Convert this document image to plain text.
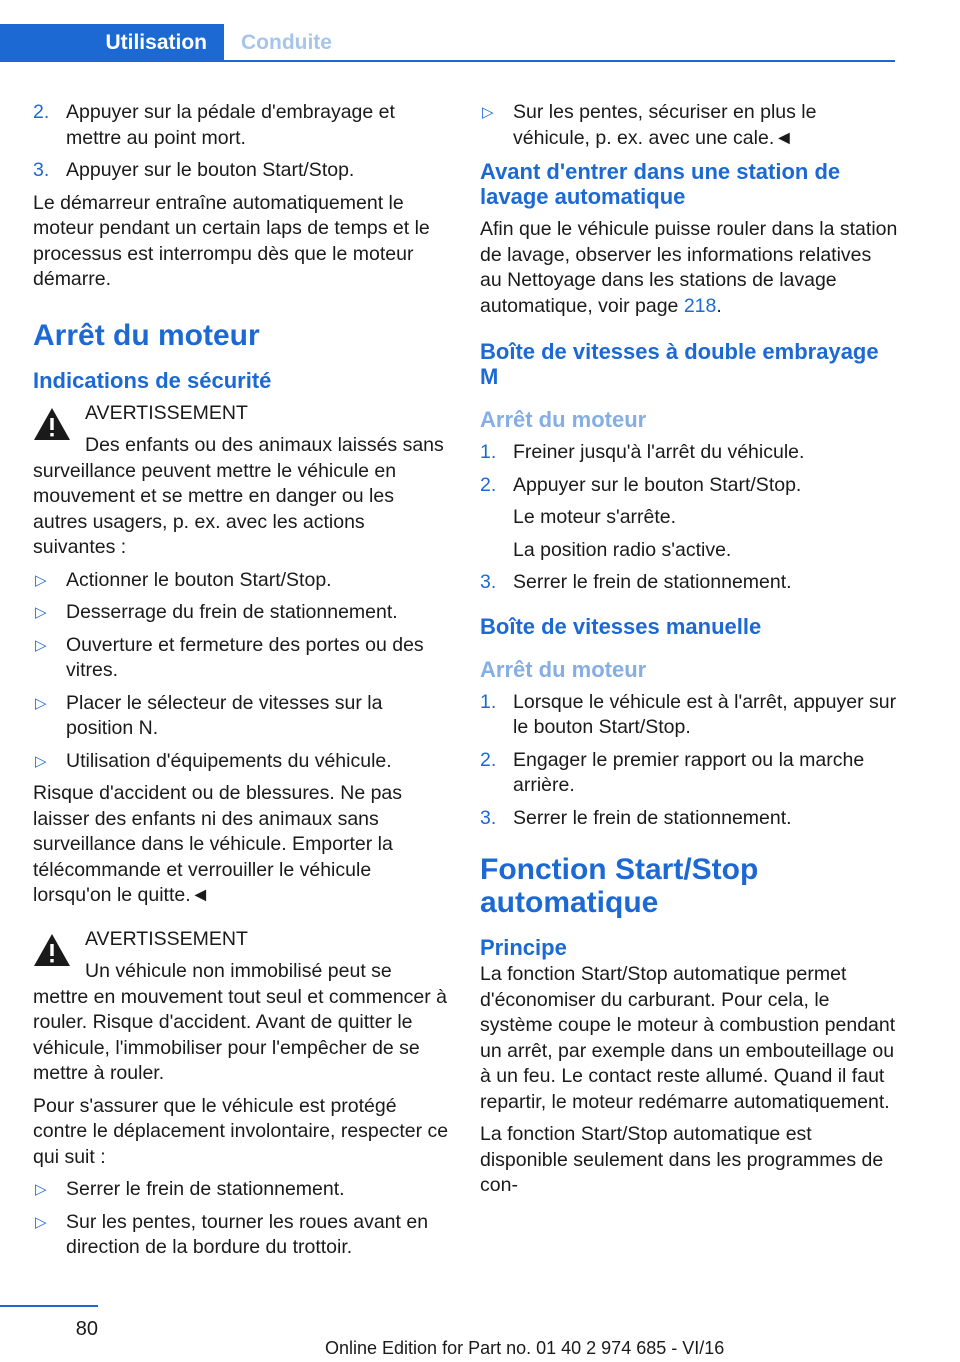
Utilisation	Conduite
2. Appuyer sur la pédale d'embrayage et mettre au point mort.
3. Appuyer sur le bouton Start/Stop.

Le démarreur entraîne automatiquement le moteur pendant un certain laps de temps et le processus est interrompu dès que le moteur démarre.

Arrêt du moteur
Indications de sécurité
AVERTISSEMENT
Des enfants ou des animaux laissés sans surveillance peuvent mettre le véhicule en mouvement et se mettre en danger ou les autres usagers, p. ex. avec les actions suivantes :
▷ Actionner le bouton Start/Stop.
▷ Desserrage du frein de stationnement.
▷ Ouverture et fermeture des portes ou des vitres.
▷ Placer le sélecteur de vitesses sur la position N.
▷ Utilisation d'équipements du véhicule.

Risque d'accident ou de blessures. Ne pas laisser des enfants ni des animaux sans surveillance dans le véhicule. Emporter la télécommande et verrouiller le véhicule lorsqu'on le quitte.◄

AVERTISSEMENT
Un véhicule non immobilisé peut se mettre en mouvement tout seul et commencer à rouler. Risque d'accident. Avant de quitter le véhicule, l'immobiliser pour l'empêcher de se mettre à rouler.

Pour s'assurer que le véhicule est protégé contre le déplacement involontaire, respecter ce qui suit :

▷ Serrer le frein de stationnement.
▷ Sur les pentes, tourner les roues avant en direction de la bordure du trottoir.
▷ Sur les pentes, sécuriser en plus le véhicule, p. ex. avec une cale.◄
Avant d'entrer dans une station de lavage automatique

Afin que le véhicule puisse rouler dans la station de lavage, observer les informations relatives au Nettoyage dans les stations de lavage automatique, voir page 218.

Boîte de vitesses à double embrayage M
Arrêt du moteur
1. Freiner jusqu'à l'arrêt du véhicule.
2. Appuyer sur le bouton Start/Stop.
Le moteur s'arrête.
La position radio s'active.
3. Serrer le frein de stationnement.
Boîte de vitesses manuelle
Arrêt du moteur
1. Lorsque le véhicule est à l'arrêt, appuyer sur le bouton Start/Stop.
2. Engager le premier rapport ou la marche arrière.
3. Serrer le frein de stationnement.
Fonction Start/Stop automatique
Principe

La fonction Start/Stop automatique permet d'économiser du carburant. Pour cela, le système coupe le moteur à combustion pendant un arrêt, par exemple dans un embouteillage ou à un feu. Le contact reste allumé. Quand il faut repartir, le moteur redémarre automatiquement.

La fonction Start/Stop automatique est disponible seulement dans les programmes de con-

80
Online Edition for Part no. 01 40 2 974 685 - VI/16
